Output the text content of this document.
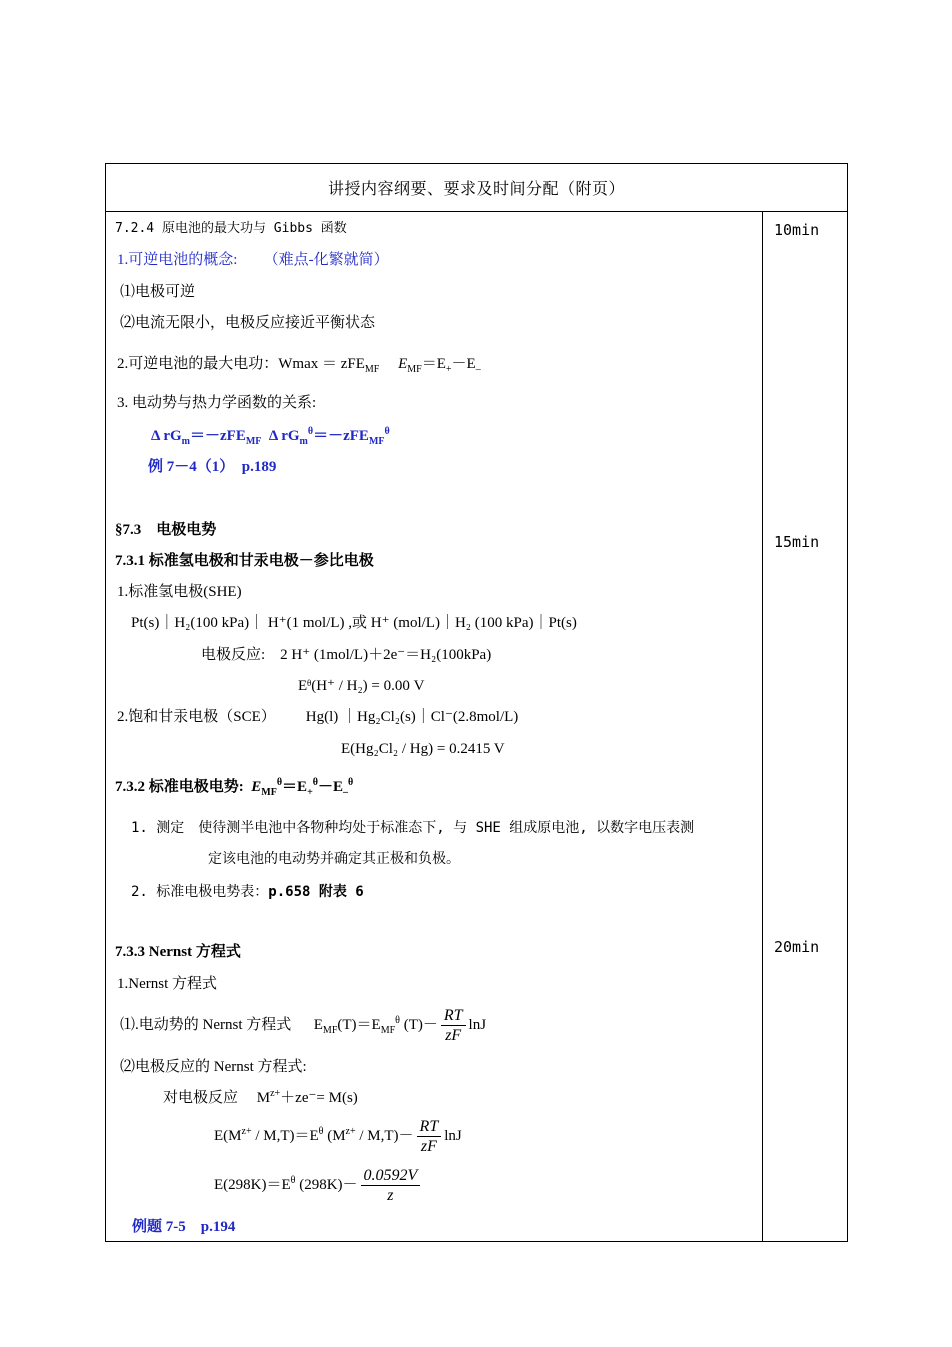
讲授内容纲要、要求及时间分配（附页）
10min
15min
20min
7.2.4 原电池的最大功与 Gibbs 函数
1.可逆电池的概念: （难点-化繁就简）
⑴电极可逆
⑵电流无限小，电极反应接近平衡状态
2.可逆电池的最大电功：Wmax ＝ zFE$_{MF}$ $E_{MF}=E_+-E_-$
3. 电动势与热力学函数的关系:
Δ $rG_m=-zFE_{MF}$ Δ $rG_m^\theta=-zFE_{MF}^\theta$
例 7－4（1）　p.189
§7.3　电极电势
7.3.1 标准氢电极和甘汞电极－参比电极
1.标准氢电极(SHE)
Pt(s)｜H₂(100 kPa)｜ H⁺(1 mol/L) ,或 H⁺ (mol/L)｜H₂ (100 kPa)｜Pt(s)
电极反应:　2 H⁺ (1mol/L)＋2e⁻＝H₂(100kPa)
Eᶿ(H⁺ / H₂) = 0.00 V
2.饱和甘汞电极（SCE） Hg(l) ｜Hg₂Cl₂(s)｜Cl⁻(2.8mol/L)
E(Hg₂Cl₂ / Hg) = 0.2415 V
7.3.2 标准电极电势: $E_{MF}^\theta=E_+^\theta-E_-^\theta$
1. 测定　使待测半电池中各物种均处于标准态下, 与 SHE 组成原电池, 以数字电压表测
定该电池的电动势并确定其正极和负极。
2. 标准电极电势表：p.658 附表 6
7.3.3 Nernst 方程式
1.Nernst 方程式
⑴.电动势的 Nernst 方程式 $E_{MF}(T)=E_{MF}^\theta$ $(T)- \frac{RT}{zF}$ lnJ
⑵电极反应的 Nernst 方程式:
对电极反应　 $M^{z+}+ze^-= M(s)$
$E(M^{z+} / M,T)=E^\theta$ $(M^{z+} / M,T)- \frac{RT}{zF}$ lnJ
$E(298K)=E^\theta$ $(298K)- \frac{0.0592V}{z}$
例题 7-5　p.194
